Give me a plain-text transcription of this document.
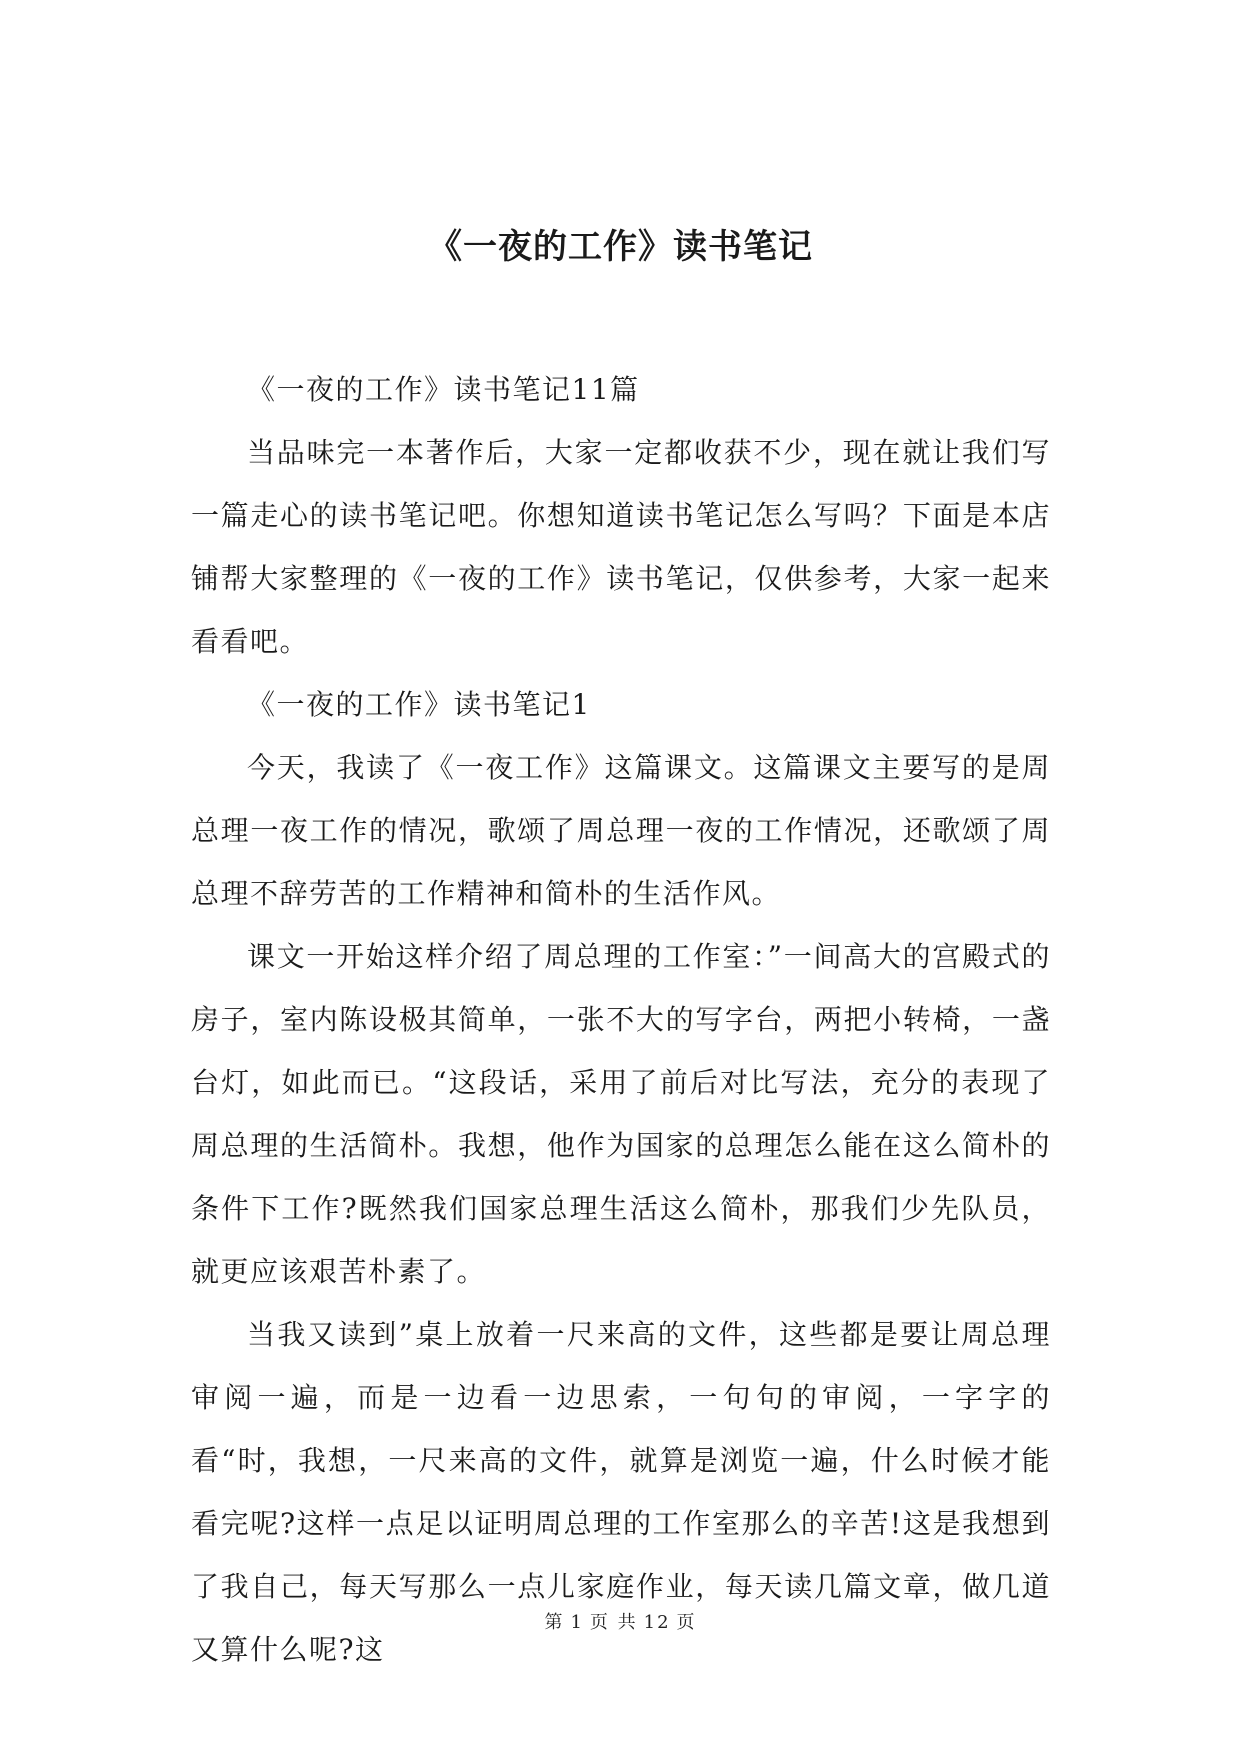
《一夜的工作》读书笔记

《一夜的工作》读书笔记11篇

当品味完一本著作后，大家一定都收获不少，现在就让我们写一篇走心的读书笔记吧。你想知道读书笔记怎么写吗？下面是本店铺帮大家整理的《一夜的工作》读书笔记，仅供参考，大家一起来看看吧。

《一夜的工作》读书笔记1

今天，我读了《一夜工作》这篇课文。这篇课文主要写的是周总理一夜工作的情况，歌颂了周总理一夜的工作情况，还歌颂了周总理不辞劳苦的工作精神和简朴的生活作风。

课文一开始这样介绍了周总理的工作室：”一间高大的宫殿式的房子，室内陈设极其简单，一张不大的写字台，两把小转椅，一盏台灯，如此而已。“这段话，采用了前后对比写法，充分的表现了周总理的生活简朴。我想，他作为国家的总理怎么能在这么简朴的条件下工作?既然我们国家总理生活这么简朴，那我们少先队员，就更应该艰苦朴素了。

当我又读到”桌上放着一尺来高的文件，这些都是要让周总理审阅一遍，而是一边看一边思索，一句句的审阅，一字字的看“时，我想，一尺来高的文件，就算是浏览一遍，什么时候才能看完呢?这样一点足以证明周总理的工作室那么的辛苦!这是我想到了我自己，每天写那么一点儿家庭作业，每天读几篇文章，做几道又算什么呢?这

第 1 页 共 12 页
